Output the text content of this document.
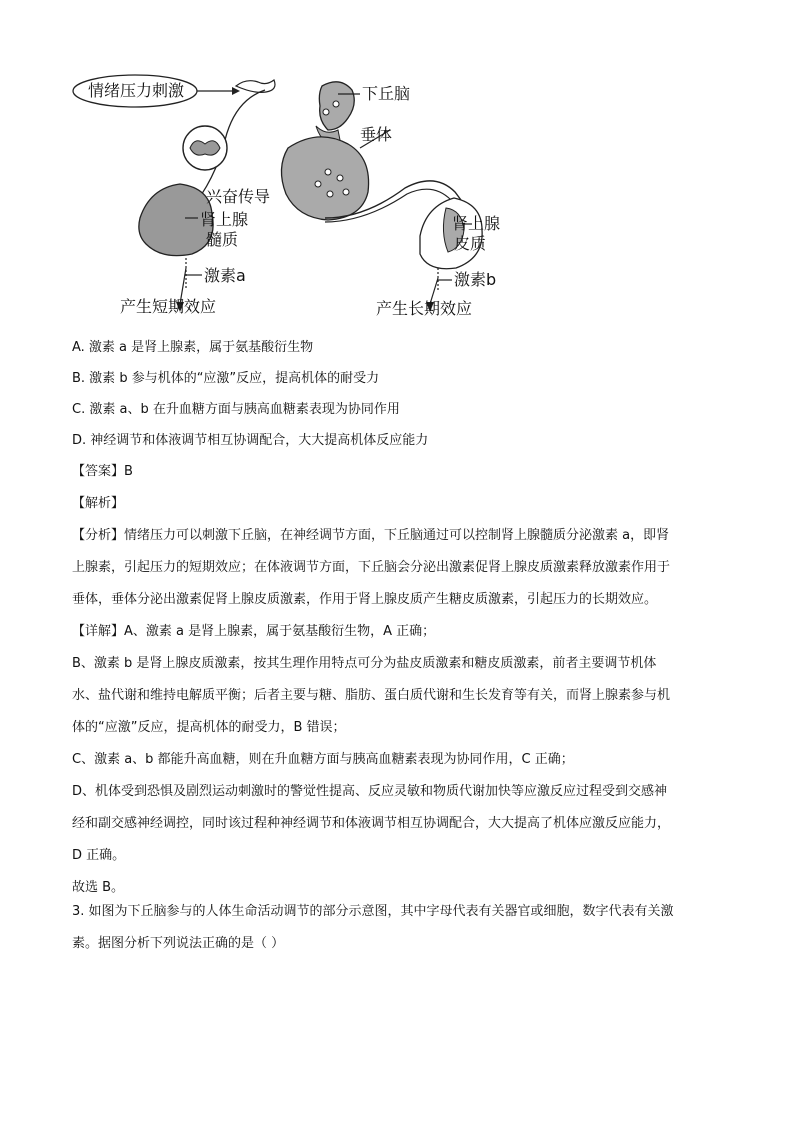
情绪压力刺激	下丘脑
垂体
兴奋传导
肾上腺
髓质
肾上腺
皮质
激素a	激素b
产生短期效应	产生长期效应
A. 激素 a 是肾上腺素，属于氨基酸衍生物
B. 激素 b 参与机体的“应激”反应，提高机体的耐受力
C. 激素 a、b 在升血糖方面与胰高血糖素表现为协同作用
D. 神经调节和体液调节相互协调配合，大大提高机体反应能力
【答案】B
【解析】

【分析】情绪压力可以刺激下丘脑，在神经调节方面，下丘脑通过可以控制肾上腺髓质分泌激素 a，即肾

上腺素，引起压力的短期效应；在体液调节方面，下丘脑会分泌出激素促肾上腺皮质激素释放激素作用于

垂体，垂体分泌出激素促肾上腺皮质激素，作用于肾上腺皮质产生糖皮质激素，引起压力的长期效应。

【详解】A、激素 a 是肾上腺素，属于氨基酸衍生物，A 正确；

B、激素 b 是肾上腺皮质激素，按其生理作用特点可分为盐皮质激素和糖皮质激素，前者主要调节机体

水、盐代谢和维持电解质平衡；后者主要与糖、脂肪、蛋白质代谢和生长发育等有关，而肾上腺素参与机

体的“应激”反应，提高机体的耐受力，B 错误；

C、激素 a、b 都能升高血糖，则在升血糖方面与胰高血糖素表现为协同作用，C 正确；

D、机体受到恐惧及剧烈运动刺激时的警觉性提高、反应灵敏和物质代谢加快等应激反应过程受到交感神

经和副交感神经调控，同时该过程种神经调节和体液调节相互协调配合，大大提高了机体应激反应能力，

D 正确。

故选 B。

3. 如图为下丘脑参与的人体生命活动调节的部分示意图，其中字母代表有关器官或细胞，数字代表有关激

素。据图分析下列说法正确的是（ ）
